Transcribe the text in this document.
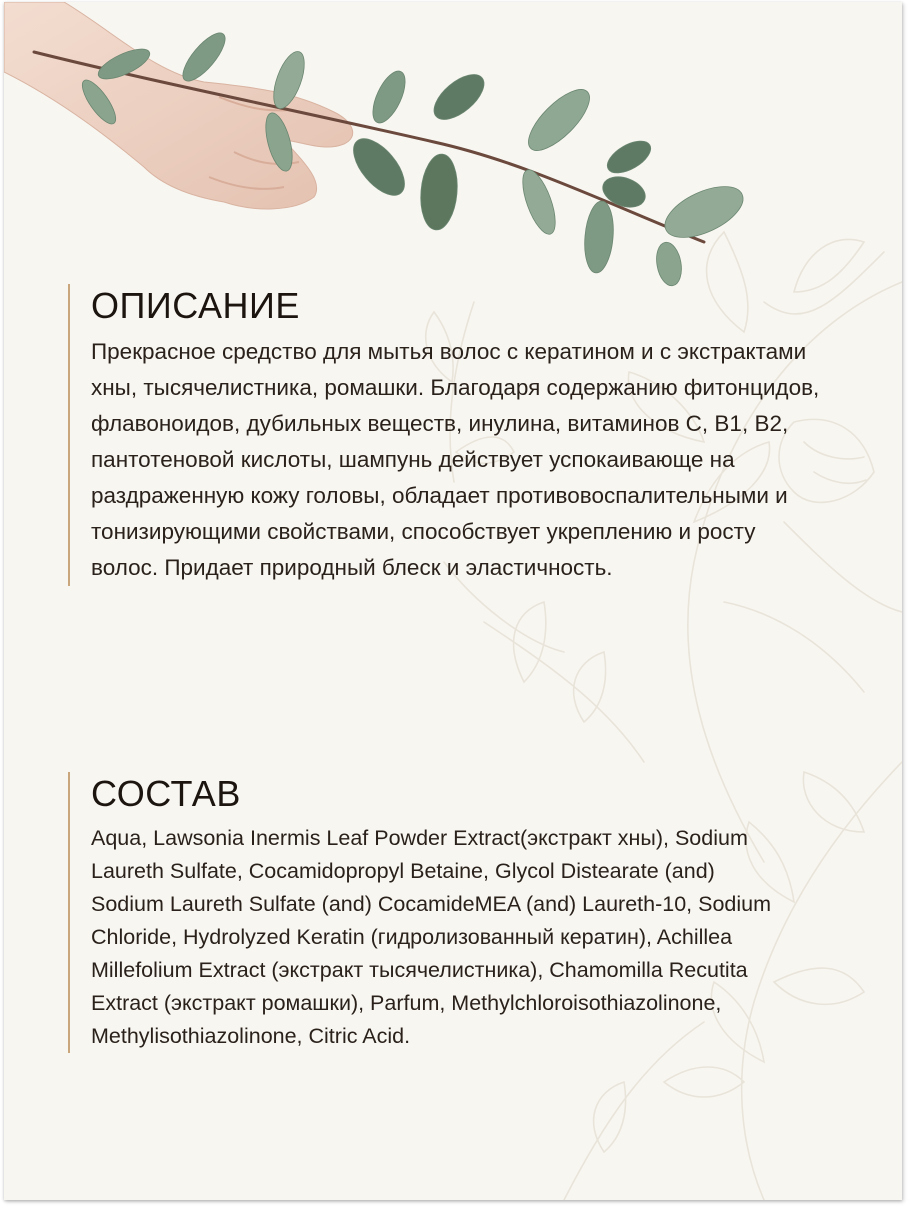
ОПИСАНИЕ

Прекрасное средство для мытья волос с кератином и с экстрактами хны, тысячелистника, ромашки. Благодаря содержанию фитонцидов, флавоноидов, дубильных веществ, инулина, витаминов С, B1, B2, пантотеновой кислоты, шампунь действует успокаивающе на раздраженную кожу головы, обладает противовоспалительными и тонизирующими свойствами, способствует укреплению и росту волос. Придает природный блеск и эластичность.

СОСТАВ

Aqua, Lawsonia Inermis Leaf Powder Extract(экстракт хны), Sodium Laureth Sulfate, Cocamidopropyl Betaine, Glycol Distearate (and) Sodium Laureth Sulfate (and) CocamideMEA (and) Laureth-10, Sodium Chloride, Hydrolyzed Keratin (гидролизованный кератин), Achillea Millefolium Extract (экстракт тысячелистника), Chamomilla Recutita Extract (экстракт ромашки), Parfum, Methylchloroisothiazolinone, Methylisothiazolinone, Citric Acid.
